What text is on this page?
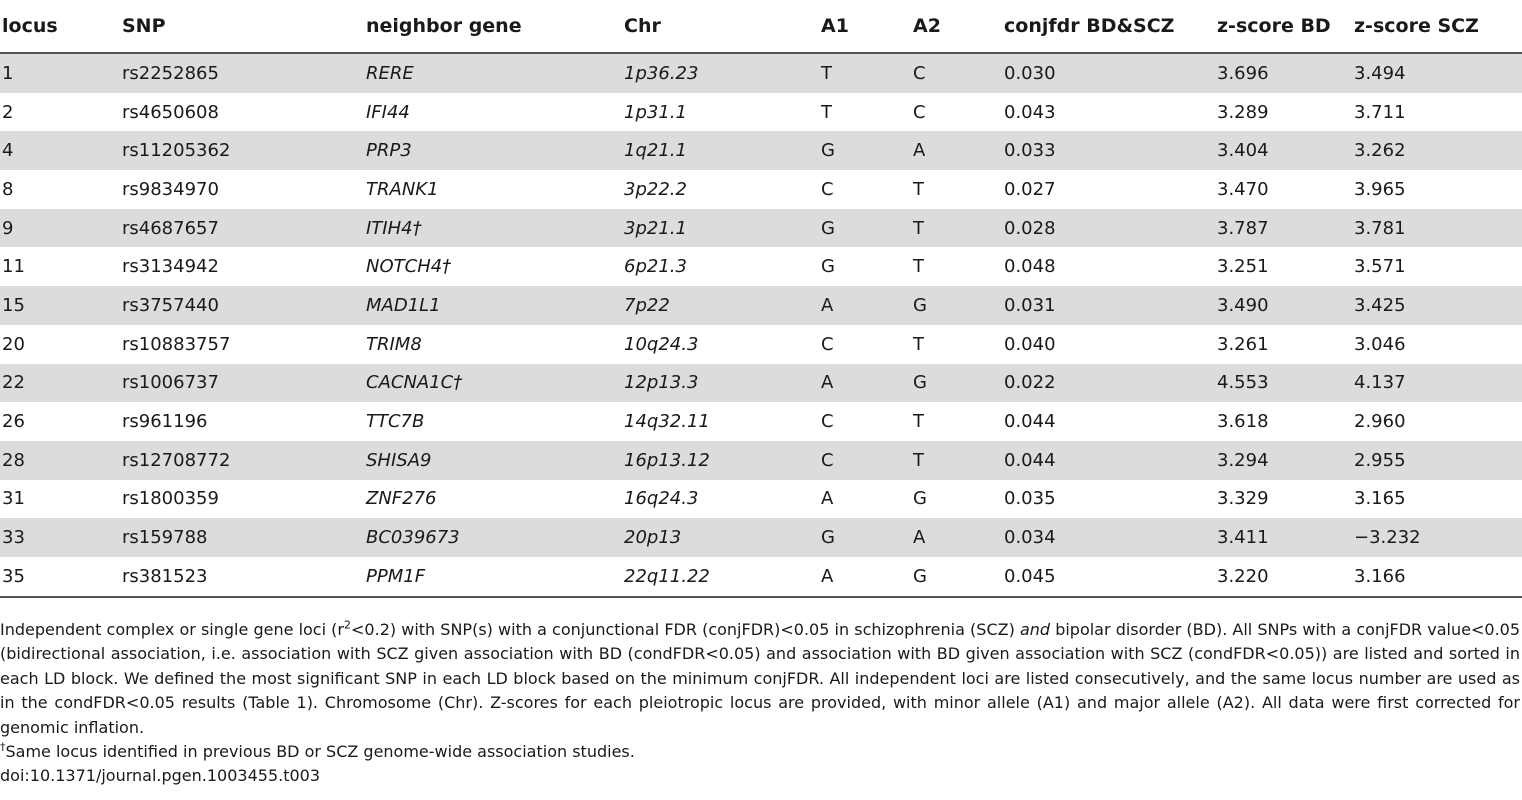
locus	SNP	neighbor gene	Chr	A1	A2	conjfdr BD&SCZ	z-score BD	z-score SCZ
1	rs2252865	RERE	1p36.23	T	C	0.030	3.696	3.494
2	rs4650608	IFI44	1p31.1	T	C	0.043	3.289	3.711
4	rs11205362	PRP3	1q21.1	G	A	0.033	3.404	3.262
8	rs9834970	TRANK1	3p22.2	C	T	0.027	3.470	3.965
9	rs4687657	ITIH4†	3p21.1	G	T	0.028	3.787	3.781
11	rs3134942	NOTCH4†	6p21.3	G	T	0.048	3.251	3.571
15	rs3757440	MAD1L1	7p22	A	G	0.031	3.490	3.425
20	rs10883757	TRIM8	10q24.3	C	T	0.040	3.261	3.046
22	rs1006737	CACNA1C†	12p13.3	A	G	0.022	4.553	4.137
26	rs961196	TTC7B	14q32.11	C	T	0.044	3.618	2.960
28	rs12708772	SHISA9	16p13.12	C	T	0.044	3.294	2.955
31	rs1800359	ZNF276	16q24.3	A	G	0.035	3.329	3.165
33	rs159788	BC039673	20p13	G	A	0.034	3.411	−3.232
35	rs381523	PPM1F	22q11.22	A	G	0.045	3.220	3.166

Independent complex or single gene loci $(r^2<0.2)$ with SNP(s) with a conjunctional FDR (conjFDR)<0.05 in schizophrenia (SCZ) and bipolar disorder (BD). All SNPs with a conjFDR value<0.05 (bidirectional association, i.e. association with SCZ given association with BD (condFDR<0.05) and association with BD given association with SCZ (condFDR<0.05)) are listed and sorted in each LD block. We defined the most significant SNP in each LD block based on the minimum conjFDR. All independent loci are listed consecutively, and the same locus number are used as in the condFDR<0.05 results (Table 1). Chromosome (Chr). Z-scores for each pleiotropic locus are provided, with minor allele (A1) and major allele (A2). All data were first corrected for genomic inflation.

†Same locus identified in previous BD or SCZ genome-wide association studies.

doi:10.1371/journal.pgen.1003455.t003
